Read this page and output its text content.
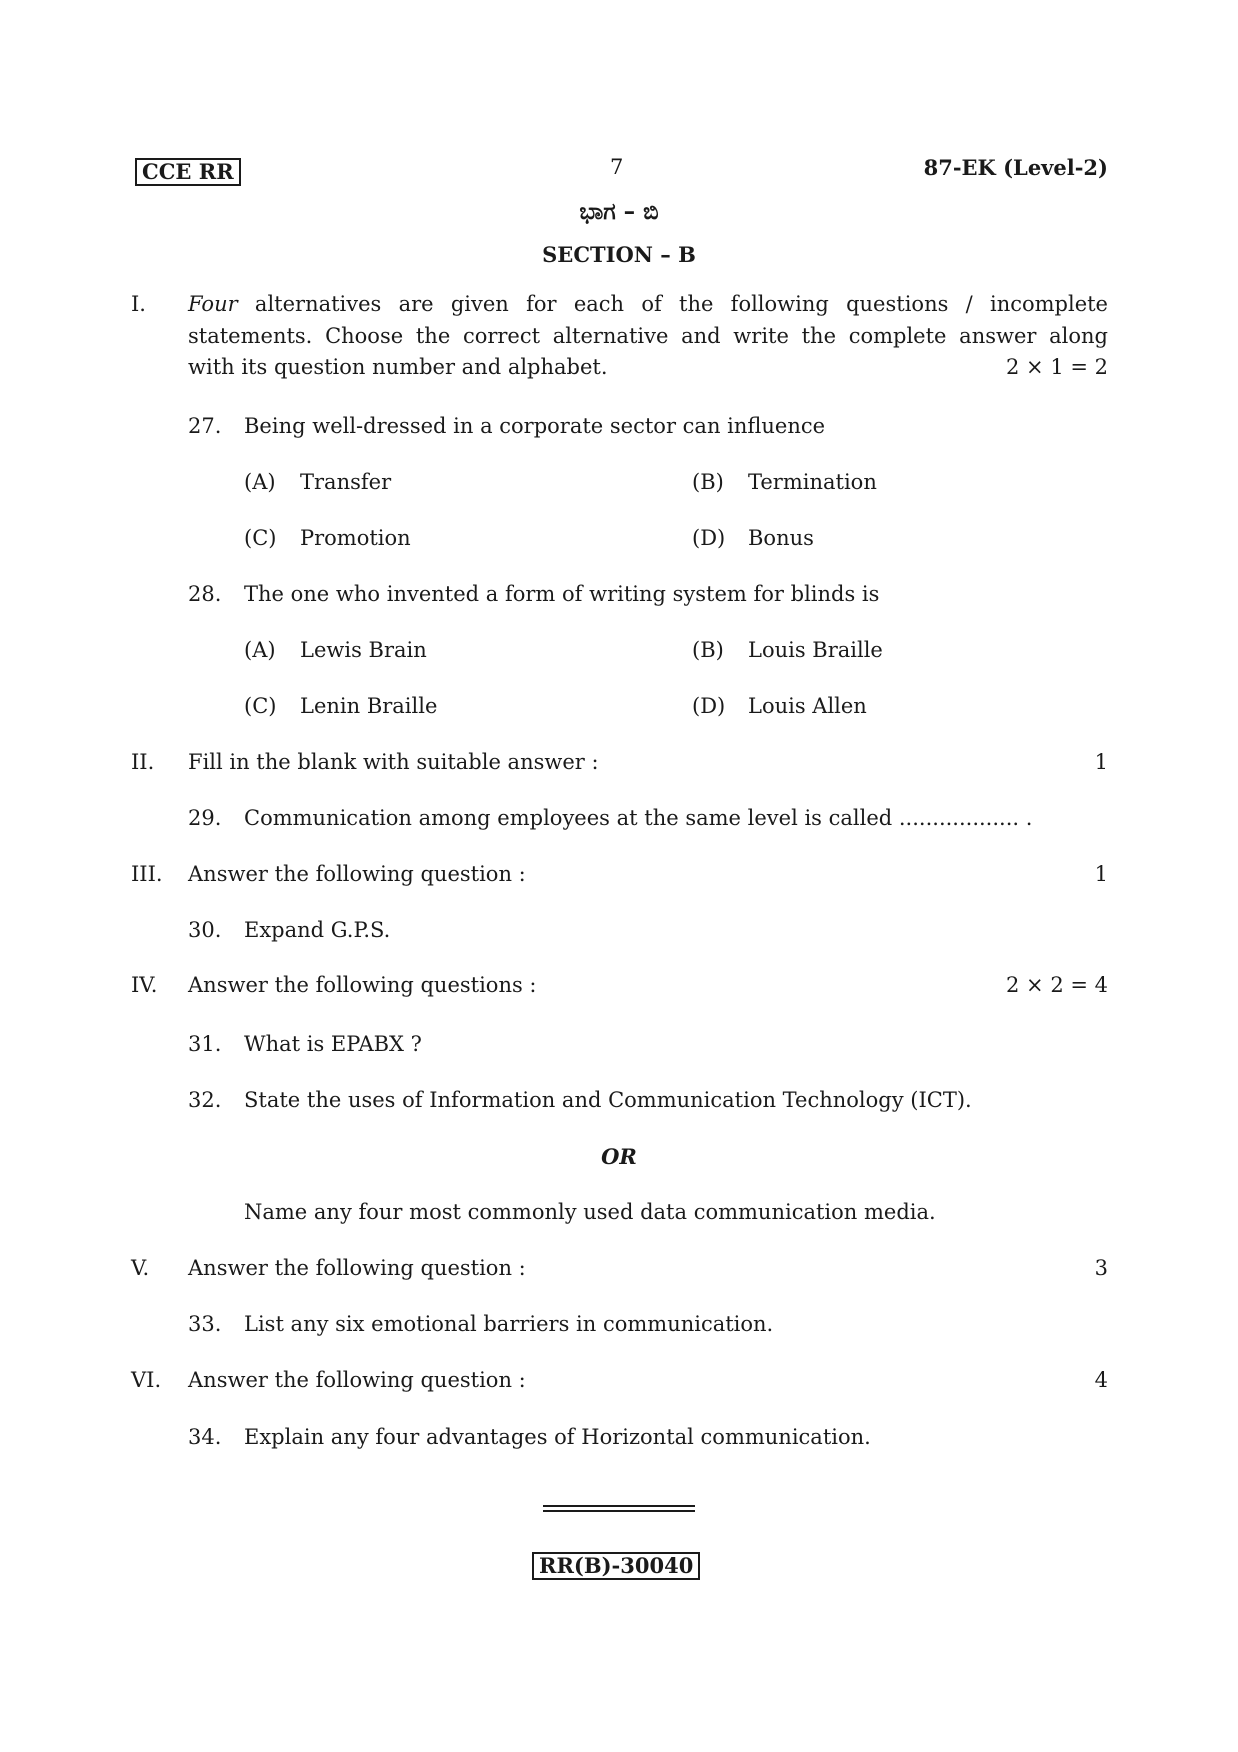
CCE RR	7	87-EK (Level-2)
ಭಾಗ – ಬಿ
SECTION – B
I. Four alternatives are given for each of the following questions / incomplete
statements. Choose the correct alternative and write the complete answer along
with its question number and alphabet.	2 × 1 = 2
27. Being well-dressed in a corporate sector can influence
(A) Transfer	(B) Termination
(C) Promotion	(D) Bonus
28. The one who invented a form of writing system for blinds is
(A) Lewis Brain	(B) Louis Braille
(C) Lenin Braille	(D) Louis Allen
II. Fill in the blank with suitable answer :	1
29. Communication among employees at the same level is called .................. .
III. Answer the following question :	1
30. Expand G.P.S.
IV. Answer the following questions :	2 × 2 = 4
31. What is EPABX ?
32. State the uses of Information and Communication Technology (ICT).
OR
Name any four most commonly used data communication media.
V. Answer the following question :	3
33. List any six emotional barriers in communication.
VI. Answer the following question :	4
34. Explain any four advantages of Horizontal communication.
RR(B)-30040
